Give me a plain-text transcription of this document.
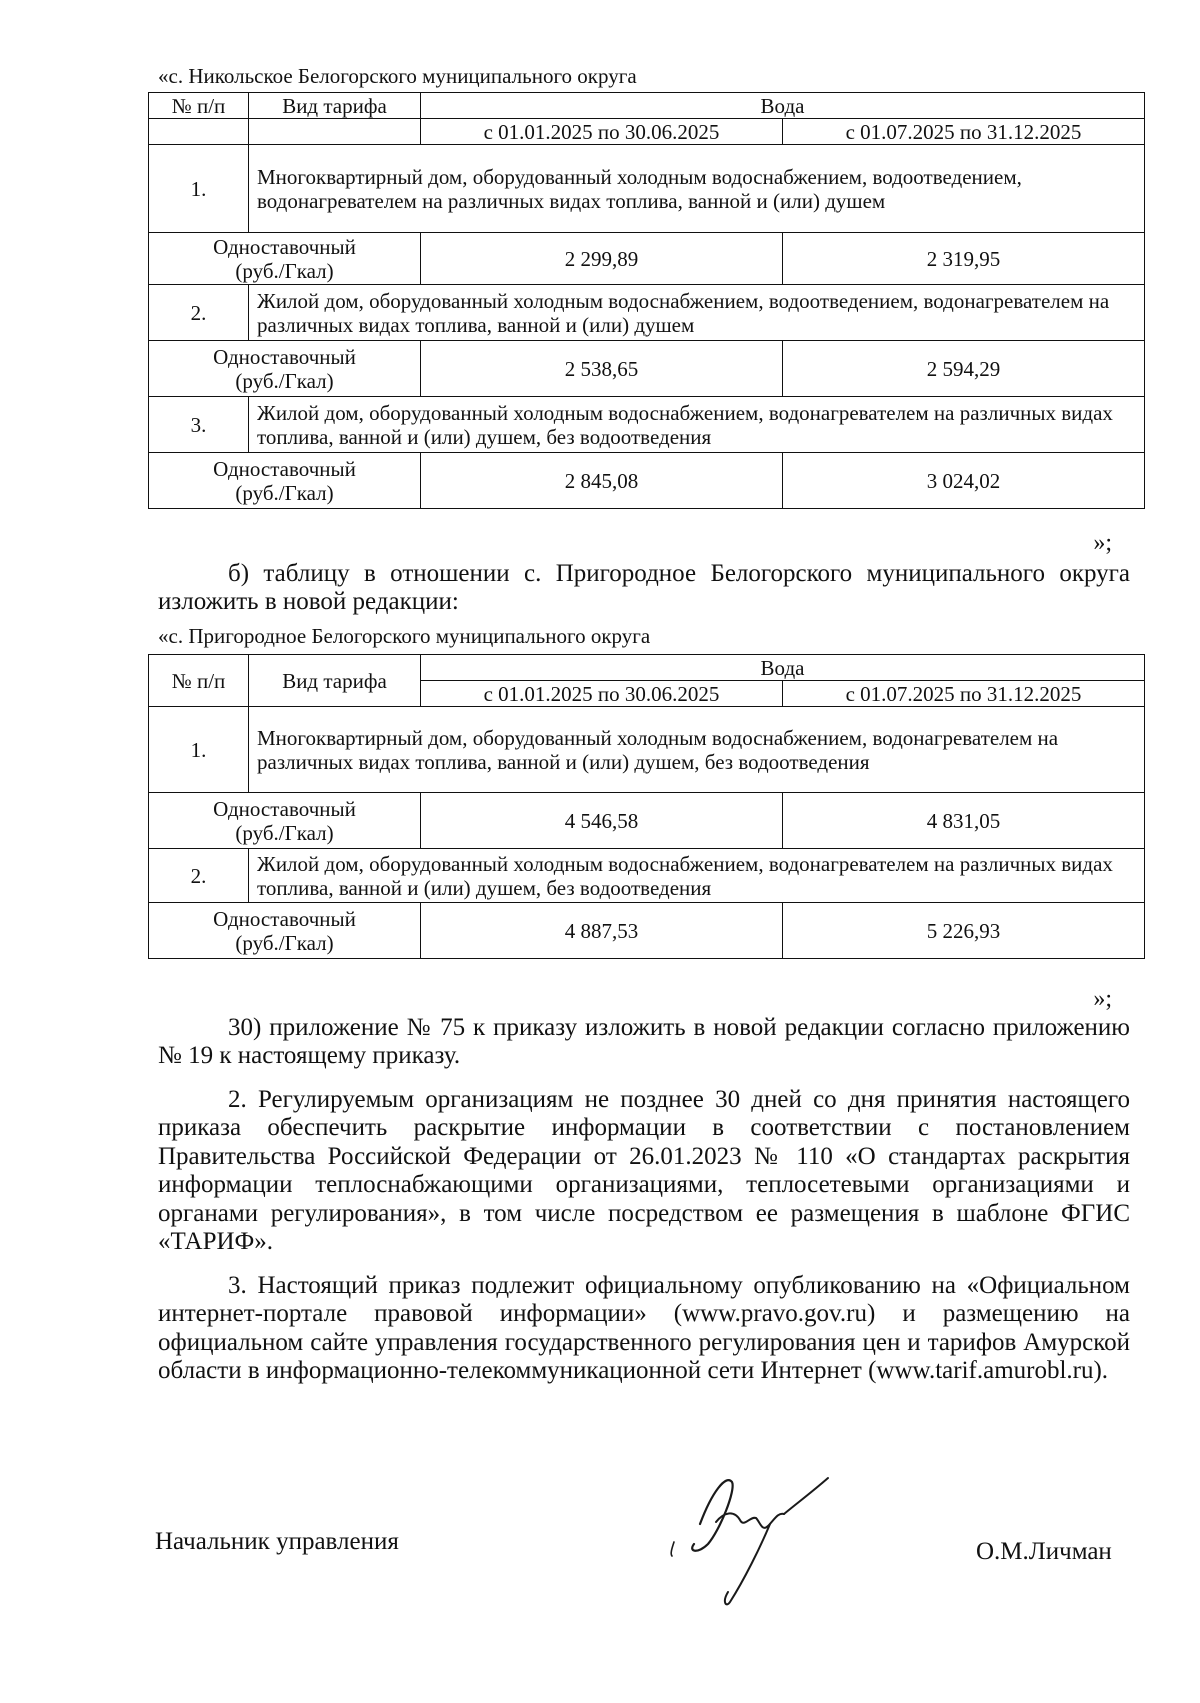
«с. Никольское Белогорского муниципального округа
№ п/п	Вид тарифа	Вода	
		с 01.01.2025 по 30.06.2025	с 01.07.2025 по 31.12.2025
1.	Многоквартирный дом, оборудованный холодным водоснабжением, водоотведением, водонагревателем на различных видах топлива, ванной и (или) душем		

Одноставочный
(руб./Гкал)		2 299,89	2 319,95
2.	Жилой дом, оборудованный холодным водоснабжением, водоотведением, водонагревателем на различных видах топлива, ванной и (или) душем		

Одноставочный
(руб./Гкал)		2 538,65	2 594,29
3.	Жилой дом, оборудованный холодным водоснабжением, водонагревателем на различных видах топлива, ванной и (или) душем, без водоотведения		

Одноставочный
(руб./Гкал)		2 845,08	3 024,02
»;
б) таблицу в отношении с. Пригородное Белогорского муниципального округа изложить в новой редакции:
«с. Пригородное Белогорского муниципального округа
№ п/п	Вид тарифа	Вода	
		с 01.01.2025 по 30.06.2025	с 01.07.2025 по 31.12.2025
1.	Многоквартирный дом, оборудованный холодным водоснабжением, водонагревателем на различных видах топлива, ванной и (или) душем, без водоотведения		

Одноставочный
(руб./Гкал)		4 546,58	4 831,05
2.	Жилой дом, оборудованный холодным водоснабжением, водонагревателем на различных видах топлива, ванной и (или) душем, без водоотведения		

Одноставочный
(руб./Гкал)		4 887,53	5 226,93
»;
30) приложение № 75 к приказу изложить в новой редакции согласно приложению № 19 к настоящему приказу.
2. Регулируемым организациям не позднее 30 дней со дня принятия настоящего приказа обеспечить раскрытие информации в соответствии с постановлением Правительства Российской Федерации от 26.01.2023 № 110 «О стандартах раскрытия информации теплоснабжающими организациями, теплосетевыми организациями и органами регулирования», в том числе посредством ее размещения в шаблоне ФГИС «ТАРИФ».
3. Настоящий приказ подлежит официальному опубликованию на «Официальном интернет-портале правовой информации» (www.pravo.gov.ru) и размещению на официальном сайте управления государственного регулирования цен и тарифов Амурской области в информационно-телекоммуникационной сети Интернет (www.tarif.amurobl.ru).
Начальник управления	О.М.Личман
